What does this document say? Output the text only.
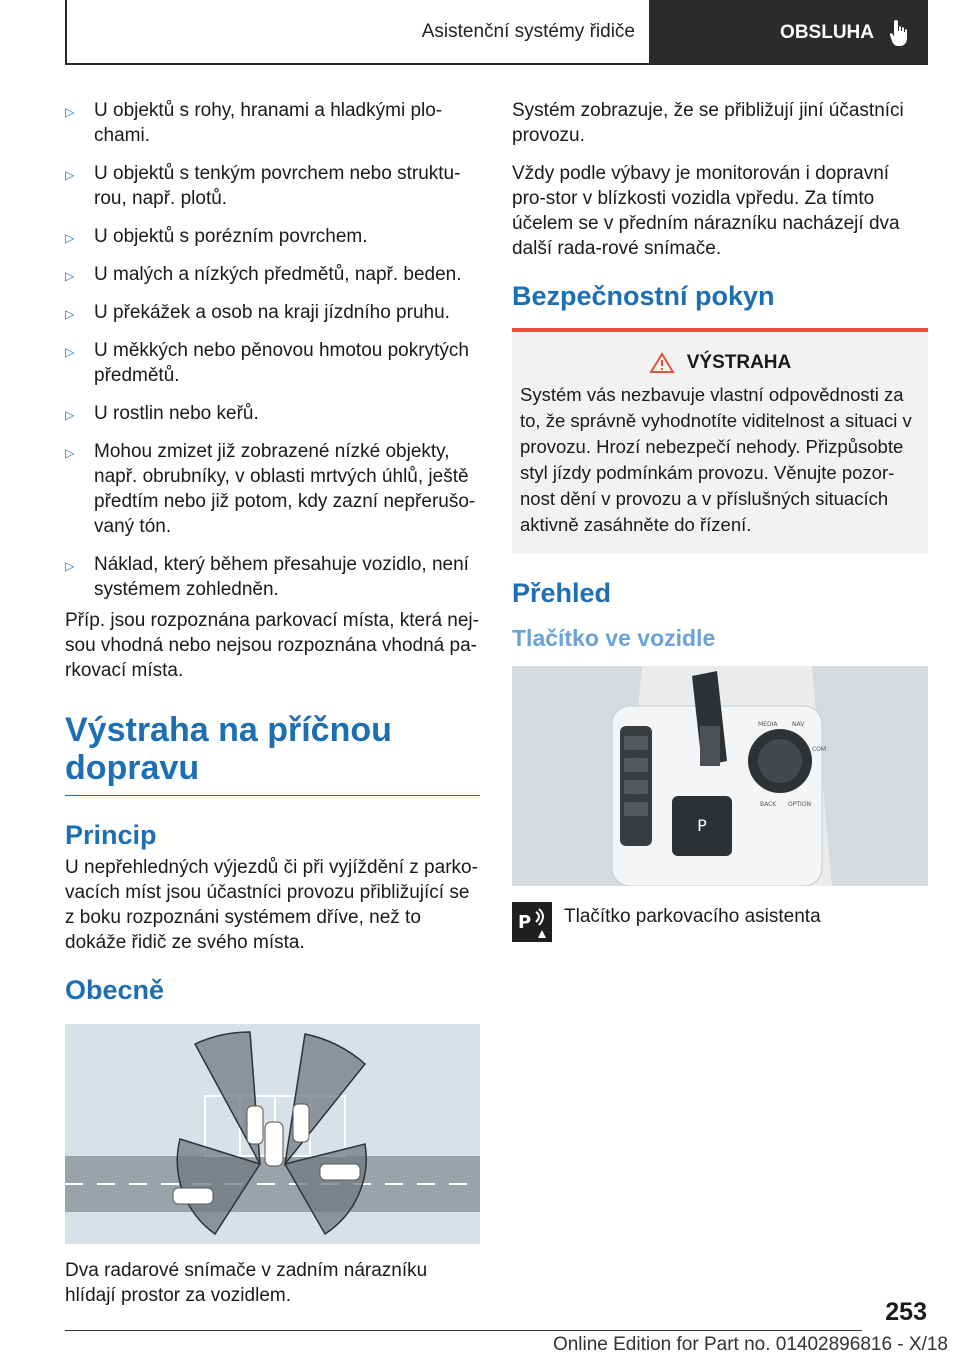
Asistenční systémy řidiče	OBSLUHA
▷ U objektů s rohy, hranami a hladkými plo-chami.
▷ U objektů s tenkým povrchem nebo struktu-rou, např. plotů.
▷ U objektů s porézním povrchem.
▷ U malých a nízkých předmětů, např. beden.
▷ U překážek a osob na kraji jízdního pruhu.
▷ U měkkých nebo pěnovou hmotou pokrytých předmětů.
▷ U rostlin nebo keřů.
▷ Mohou zmizet již zobrazené nízké objekty, např. obrubníky, v oblasti mrtvých úhlů, ještě předtím nebo již potom, kdy zazní nepřerušo-vaný tón.
▷ Náklad, který během přesahuje vozidlo, není systémem zohledněn.

Příp. jsou rozpoznána parkovací místa, která nej-sou vhodná nebo nejsou rozpoznána vhodná pa-rkovací místa.

Výstraha na příčnou dopravu
Princip

U nepřehledných výjezdů či při vyjíždění z parko-vacích míst jsou účastníci provozu přibližující se z boku rozpoznáni systémem dříve, než to dokáže řidič ze svého místa.

Obecně

Dva radarové snímače v zadním nárazníku hlídají prostor za vozidlem.

Systém zobrazuje, že se přibližují jiní účastníci provozu.

Vždy podle výbavy je monitorován i dopravní pro-stor v blízkosti vozidla vpředu. Za tímto účelem se v předním nárazníku nacházejí dva další rada-rové snímače.

Bezpečnostní pokyn
VÝSTRAHA

Systém vás nezbavuje vlastní odpovědnosti za to, že správně vyhodnotíte viditelnost a situaci v provozu. Hrozí nebezpečí nehody. Přizpůsobte styl jízdy podmínkám provozu. Věnujte pozor-nost dění v provozu a v příslušných situacích aktivně zasáhněte do řízení.

Přehled
Tlačítko ve vozidle
P
MEDIA NAV
COM
BACK OPTION
P Tlačítko parkovacího asistenta

253
Online Edition for Part no. 01402896816 - X/18
